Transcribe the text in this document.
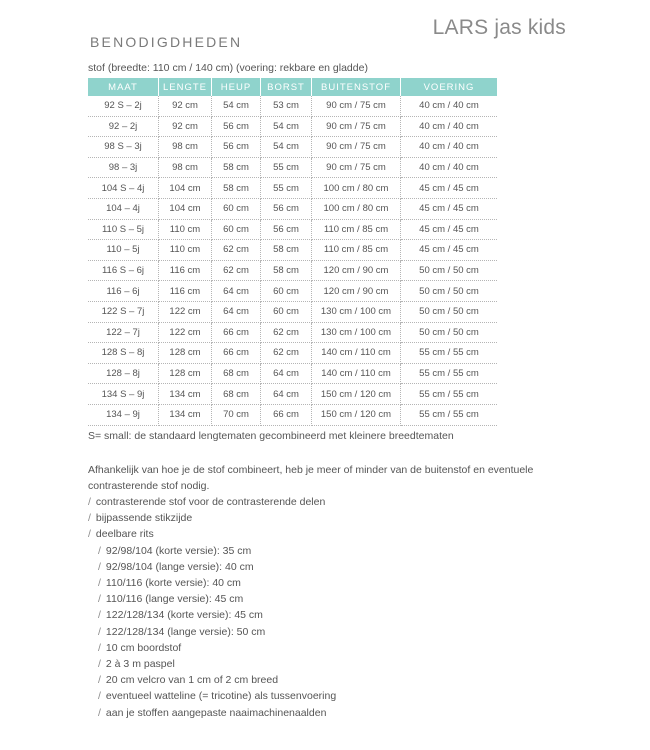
LARS jas kids
BENODIGDHEDEN
stof (breedte: 110 cm / 140 cm) (voering: rekbare en gladde)
MAAT	LENGTE	HEUP	BORST	BUITENSTOF	VOERING
92 S – 2j	92 cm	54 cm	53 cm	90 cm / 75 cm	40 cm / 40 cm
92 – 2j	92 cm	56 cm	54 cm	90 cm / 75 cm	40 cm / 40 cm
98 S – 3j	98 cm	56 cm	54 cm	90 cm / 75 cm	40 cm / 40 cm
98 – 3j	98 cm	58 cm	55 cm	90 cm / 75 cm	40 cm / 40 cm
104 S – 4j	104 cm	58 cm	55 cm	100 cm / 80 cm	45 cm / 45 cm
104 – 4j	104 cm	60 cm	56 cm	100 cm / 80 cm	45 cm / 45 cm
110 S – 5j	110 cm	60 cm	56 cm	110 cm / 85 cm	45 cm / 45 cm
110 – 5j	110 cm	62 cm	58 cm	110 cm / 85 cm	45 cm / 45 cm
116 S – 6j	116 cm	62 cm	58 cm	120 cm / 90 cm	50 cm / 50 cm
116 – 6j	116 cm	64 cm	60 cm	120 cm / 90 cm	50 cm / 50 cm
122 S – 7j	122 cm	64 cm	60 cm	130 cm / 100 cm	50 cm / 50 cm
122 – 7j	122 cm	66 cm	62 cm	130 cm / 100 cm	50 cm / 50 cm
128 S – 8j	128 cm	66 cm	62 cm	140 cm / 110 cm	55 cm / 55 cm
128 – 8j	128 cm	68 cm	64 cm	140 cm / 110 cm	55 cm / 55 cm
134 S – 9j	134 cm	68 cm	64 cm	150 cm / 120 cm	55 cm / 55 cm
134 – 9j	134 cm	70 cm	66 cm	150 cm / 120 cm	55 cm / 55 cm
S= small: de standaard lengtematen gecombineerd met kleinere breedtematen

Afhankelijk van hoe je de stof combineert, heb je meer of minder van de buitenstof en eventuele contrasterende stof nodig.

/ contrasterende stof voor de contrasterende delen
/ bijpassende stikzijde
/ deelbare rits
/ 92/98/104 (korte versie): 35 cm
/ 92/98/104 (lange versie): 40 cm
/ 110/116 (korte versie): 40 cm
/ 110/116 (lange versie): 45 cm
/ 122/128/134 (korte versie): 45 cm
/ 122/128/134 (lange versie): 50 cm
/ 10 cm boordstof
/ 2 à 3 m paspel
/ 20 cm velcro van 1 cm of 2 cm breed
/ eventueel watteline (= tricotine) als tussenvoering
/ aan je stoffen aangepaste naaimachinenaalden
